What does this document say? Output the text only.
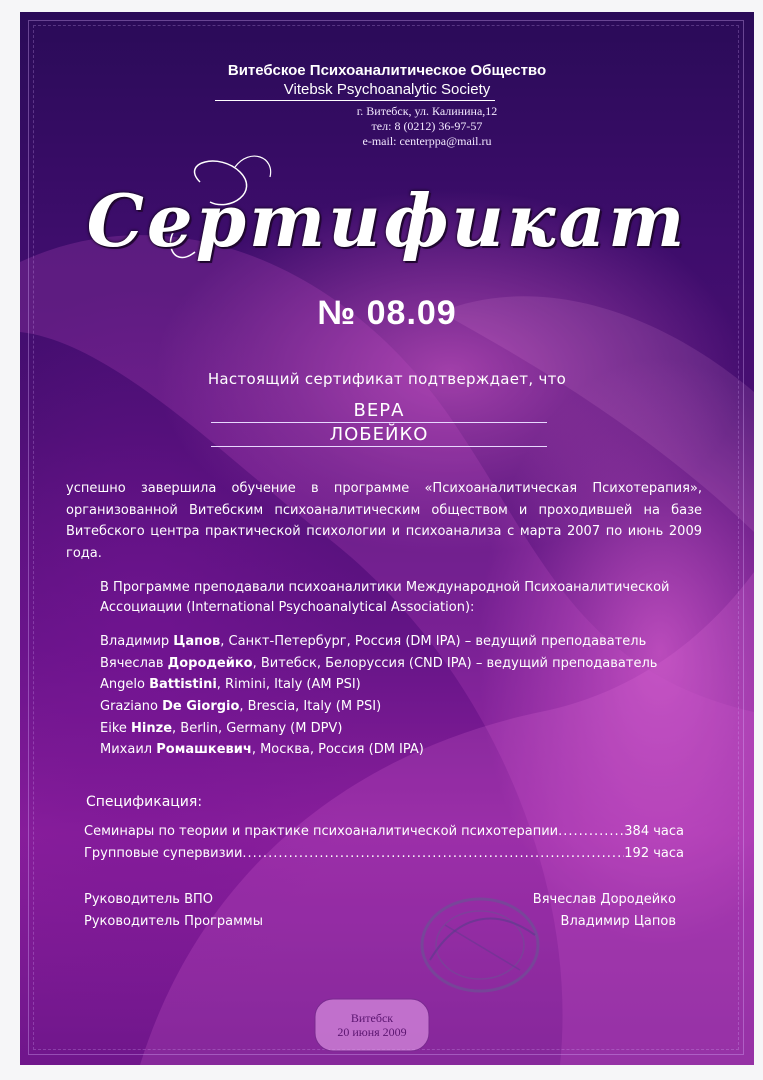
Витебское Психоаналитическое Общество
Vitebsk Psychoanalytic Society
г. Витебск, ул. Калинина,12
тел: 8 (0212) 36-97-57
e-mail: centerppa@mail.ru
Сертификат
№ 08.09
Настоящий сертификат подтверждает, что
ВЕРА
ЛОБЕЙКО
успешно завершила обучение в программе «Психоаналитическая Психотерапия», организованной Витебским психоаналитическим обществом и проходившей на базе Витебского центра практической психологии и психоанализа с марта 2007 по июнь 2009 года.
В Программе преподавали психоаналитики Международной Психоаналитической Ассоциации (International Psychoanalytical Association):
Владимир Цапов, Санкт-Петербург, Россия (DM IPA) – ведущий преподаватель
Вячеслав Дородейко, Витебск, Белоруссия (CND IPA) – ведущий преподаватель
Angelo Battistini, Rimini, Italy (AM PSI)
Graziano De Giorgio, Brescia, Italy (M PSI)
Eike Hinze, Berlin, Germany (M DPV)
Михаил Ромашкевич, Москва, Россия (DM IPA)
Спецификация:
Семинары по теории и практике психоаналитической психотерапии .....	384 часа
Групповые супервизии .....	192 часа
Руководитель ВПО
Руководитель Программы
Вячеслав Дородейко
Владимир Цапов
Витебск
20 июня 2009
